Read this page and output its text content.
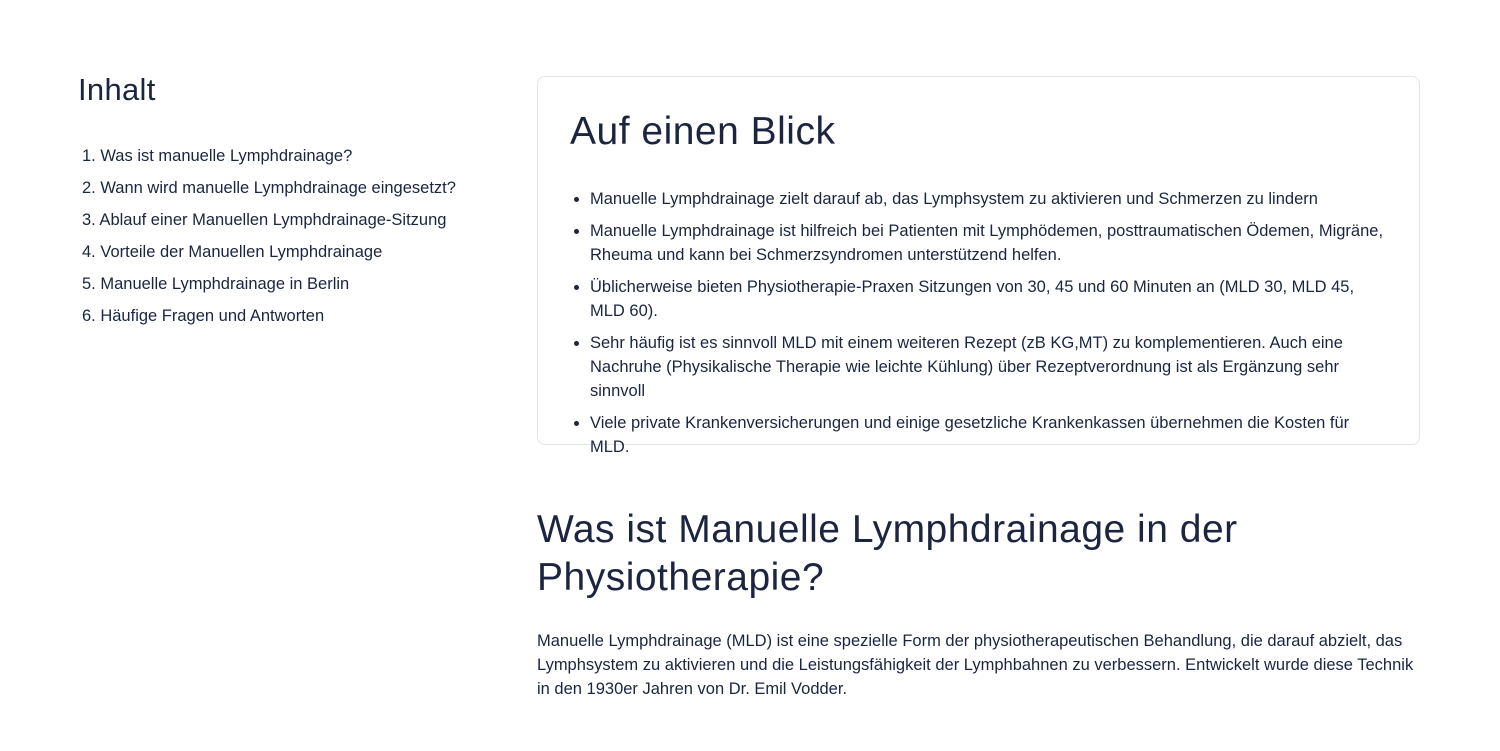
Inhalt
1. Was ist manuelle Lymphdrainage?
2. Wann wird manuelle Lymphdrainage eingesetzt?
3. Ablauf einer Manuellen Lymphdrainage-Sitzung
4. Vorteile der Manuellen Lymphdrainage
5. Manuelle Lymphdrainage in Berlin
6. Häufige Fragen und Antworten
Auf einen Blick
• Manuelle Lymphdrainage zielt darauf ab, das Lymphsystem zu aktivieren und Schmerzen zu lindern
• Manuelle Lymphdrainage ist hilfreich bei Patienten mit Lymphödemen, posttraumatischen Ödemen, Migräne, Rheuma und kann bei Schmerzsyndromen unterstützend helfen.
• Üblicherweise bieten Physiotherapie-Praxen Sitzungen von 30, 45 und 60 Minuten an (MLD 30, MLD 45, MLD 60).
• Sehr häufig ist es sinnvoll MLD mit einem weiteren Rezept (zB KG,MT) zu komplementieren. Auch eine Nachruhe (Physikalische Therapie wie leichte Kühlung) über Rezeptverordnung ist als Ergänzung sehr sinnvoll
• Viele private Krankenversicherungen und einige gesetzliche Krankenkassen übernehmen die Kosten für MLD.
Was ist Manuelle Lymphdrainage in der Physiotherapie?

Manuelle Lymphdrainage (MLD) ist eine spezielle Form der physiotherapeutischen Behandlung, die darauf abzielt, das Lymphsystem zu aktivieren und die Leistungsfähigkeit der Lymphbahnen zu verbessern. Entwickelt wurde diese Technik in den 1930er Jahren von Dr. Emil Vodder.
